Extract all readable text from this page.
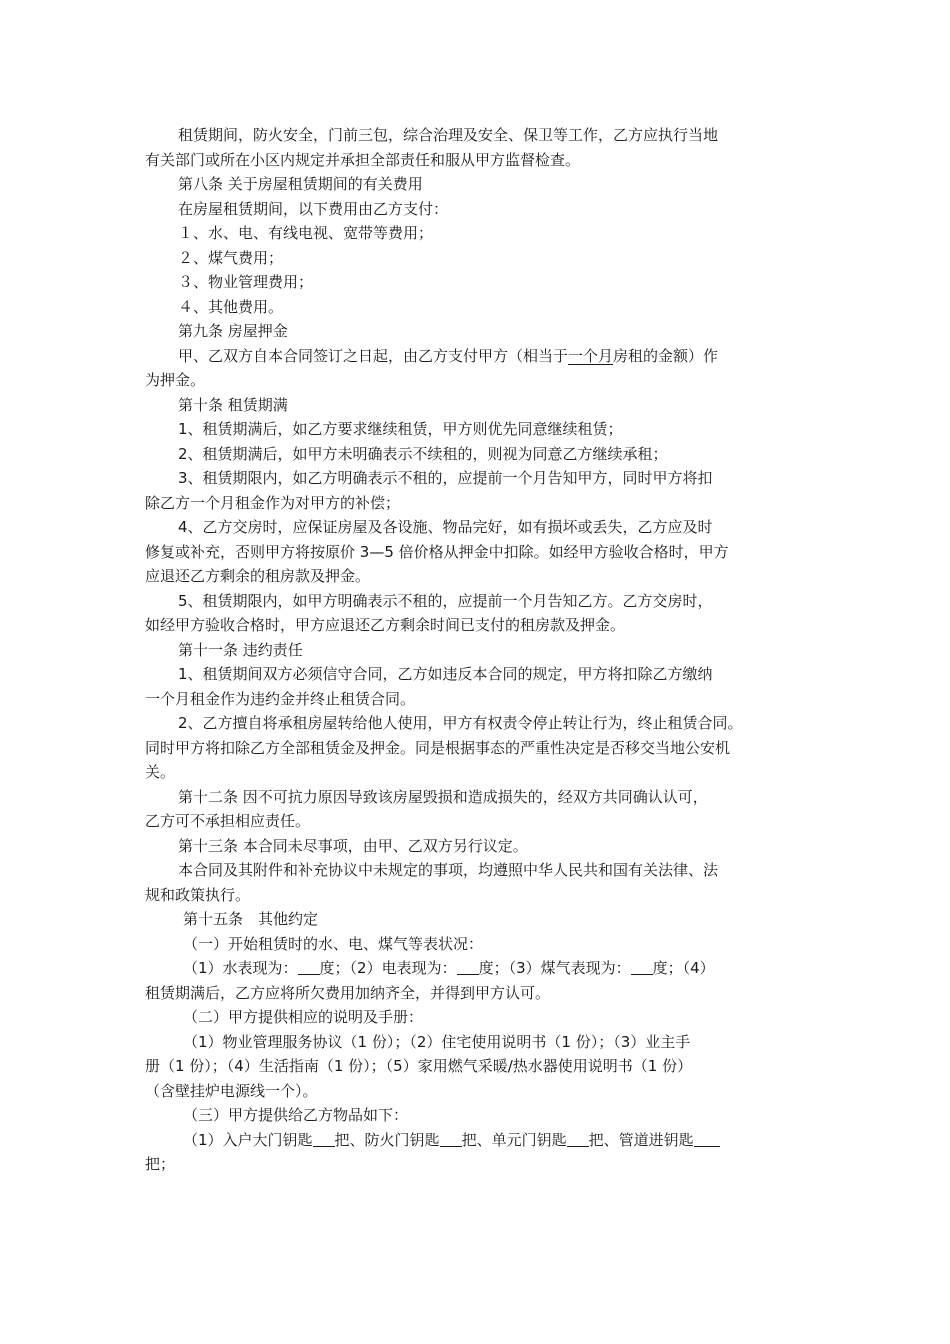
租赁期间，防火安全，门前三包，综合治理及安全、保卫等工作，乙方应执行当地
有关部门或所在小区内规定并承担全部责任和服从甲方监督检查。
第八条 关于房屋租赁期间的有关费用
在房屋租赁期间，以下费用由乙方支付：
１、水、电、有线电视、宽带等费用；
２、煤气费用；
３、物业管理费用；
４、其他费用。
第九条 房屋押金
甲、乙双方自本合同签订之日起，由乙方支付甲方（相当于一个月房租的金额）作
为押金。
第十条 租赁期满
1、租赁期满后，如乙方要求继续租赁，甲方则优先同意继续租赁；
2、租赁期满后，如甲方未明确表示不续租的，则视为同意乙方继续承租；
3、租赁期限内，如乙方明确表示不租的，应提前一个月告知甲方，同时甲方将扣
除乙方一个月租金作为对甲方的补偿；
4、乙方交房时，应保证房屋及各设施、物品完好，如有损坏或丢失，乙方应及时
修复或补充，否则甲方将按原价 3—5 倍价格从押金中扣除。如经甲方验收合格时，甲方
应退还乙方剩余的租房款及押金。
5、租赁期限内，如甲方明确表示不租的，应提前一个月告知乙方。乙方交房时，
如经甲方验收合格时，甲方应退还乙方剩余时间已支付的租房款及押金。
第十一条 违约责任
1、租赁期间双方必须信守合同，乙方如违反本合同的规定，甲方将扣除乙方缴纳
一个月租金作为违约金并终止租赁合同。
2、乙方擅自将承租房屋转给他人使用，甲方有权责令停止转让行为，终止租赁合同。
同时甲方将扣除乙方全部租赁金及押金。同是根据事态的严重性决定是否移交当地公安机
关。
第十二条 因不可抗力原因导致该房屋毁损和造成损失的，经双方共同确认认可，
乙方可不承担相应责任。
第十三条 本合同未尽事项，由甲、乙双方另行议定。
本合同及其附件和补充协议中未规定的事项，均遵照中华人民共和国有关法律、法
规和政策执行。
第十五条　其他约定
（一）开始租赁时的水、电、煤气等表状况：
（1）水表现为： 度；（2）电表现为： 度；（3）煤气表现为： 度；（4）
租赁期满后，乙方应将所欠费用加纳齐全，并得到甲方认可。
（二）甲方提供相应的说明及手册：
（1）物业管理服务协议（1 份）；（2）住宅使用说明书（1 份）；（3）业主手
册（1 份）；（4）生活指南（1 份）；（5）家用燃气采暖/热水器使用说明书（1 份）
（含壁挂炉电源线一个）。
（三）甲方提供给乙方物品如下：
（1）入户大门钥匙 把、防火门钥匙 把、单元门钥匙 把、管道进钥匙
把；
